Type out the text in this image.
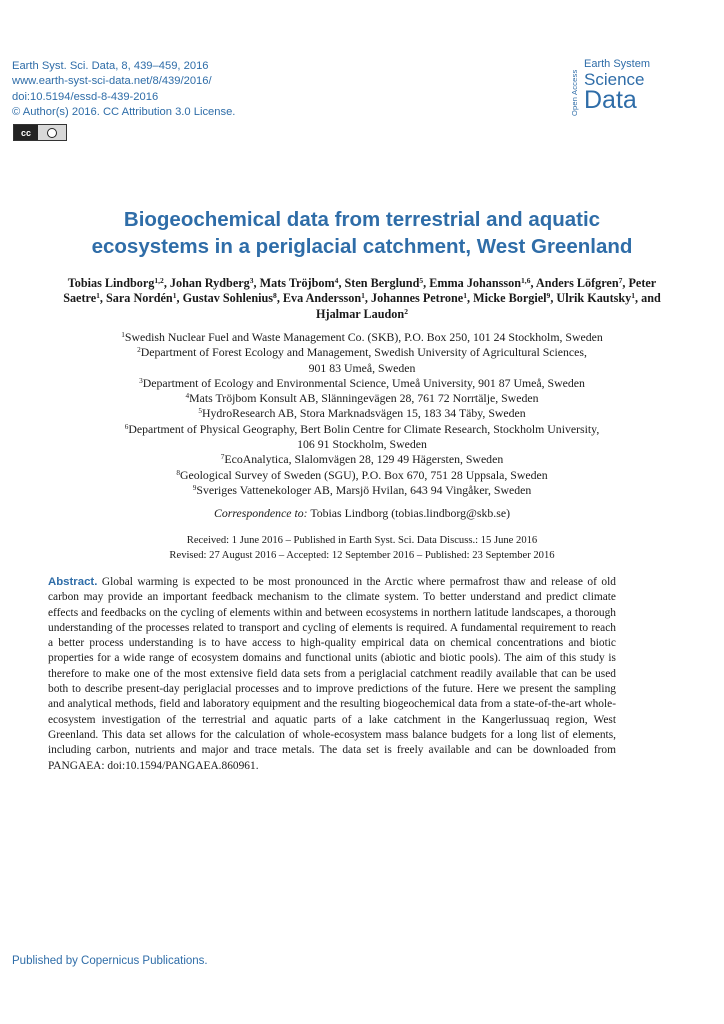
Earth Syst. Sci. Data, 8, 439–459, 2016
www.earth-syst-sci-data.net/8/439/2016/
doi:10.5194/essd-8-439-2016
© Author(s) 2016. CC Attribution 3.0 License.
cc
Open Access
Earth System
Science
Data
Biogeochemical data from terrestrial and aquatic
ecosystems in a periglacial catchment, West Greenland

Tobias Lindborg$^{1,2}$, Johan Rydberg$^3$, Mats Tröjbom$^4$, Sten Berglund$^5$, Emma Johansson$^{1,6}$, Anders Löfgren$^7$, Peter Saetre$^1$, Sara Nordén$^1$, Gustav Sohlenius$^8$, Eva Andersson$^1$, Johannes Petrone$^1$, Micke Borgiel$^9$, Ulrik Kautsky$^1$, and Hjalmar Laudon$^2$

$^1$Swedish Nuclear Fuel and Waste Management Co. (SKB), P.O. Box 250, 101 24 Stockholm, Sweden
$^2$Department of Forest Ecology and Management, Swedish University of Agricultural Sciences,
901 83 Umeå, Sweden
$^3$Department of Ecology and Environmental Science, Umeå University, 901 87 Umeå, Sweden
$^4$Mats Tröjbom Konsult AB, Slänningevägen 28, 761 72 Norrtälje, Sweden
$^5$HydroResearch AB, Stora Marknadsvägen 15, 183 34 Täby, Sweden
$^6$Department of Physical Geography, Bert Bolin Centre for Climate Research, Stockholm University,
106 91 Stockholm, Sweden
$^7$EcoAnalytica, Slalomvägen 28, 129 49 Hägersten, Sweden
$^8$Geological Survey of Sweden (SGU), P.O. Box 670, 751 28 Uppsala, Sweden
$^9$Sveriges Vattenekologer AB, Marsjö Hvilan, 643 94 Vingåker, Sweden

Correspondence to: Tobias Lindborg (tobias.lindborg@skb.se)

Received: 1 June 2016 – Published in Earth Syst. Sci. Data Discuss.: 15 June 2016
Revised: 27 August 2016 – Accepted: 12 September 2016 – Published: 23 September 2016

Abstract. Global warming is expected to be most pronounced in the Arctic where permafrost thaw and release of old carbon may provide an important feedback mechanism to the climate system. To better understand and predict climate effects and feedbacks on the cycling of elements within and between ecosystems in northern latitude landscapes, a thorough understanding of the processes related to transport and cycling of elements is required. A fundamental requirement to reach a better process understanding is to have access to high-quality empirical data on chemical concentrations and biotic properties for a wide range of ecosystem domains and functional units (abiotic and biotic pools). The aim of this study is therefore to make one of the most extensive field data sets from a periglacial catchment readily available that can be used both to describe present-day periglacial processes and to improve predictions of the future. Here we present the sampling and analytical methods, field and laboratory equipment and the resulting biogeochemical data from a state-of-the-art whole-ecosystem investigation of the terrestrial and aquatic parts of a lake catchment in the Kangerlussuaq region, West Greenland. This data set allows for the calculation of whole-ecosystem mass balance budgets for a long list of elements, including carbon, nutrients and major and trace metals. The data set is freely available and can be downloaded from PANGAEA: doi:10.1594/PANGAEA.860961.

Published by Copernicus Publications.
